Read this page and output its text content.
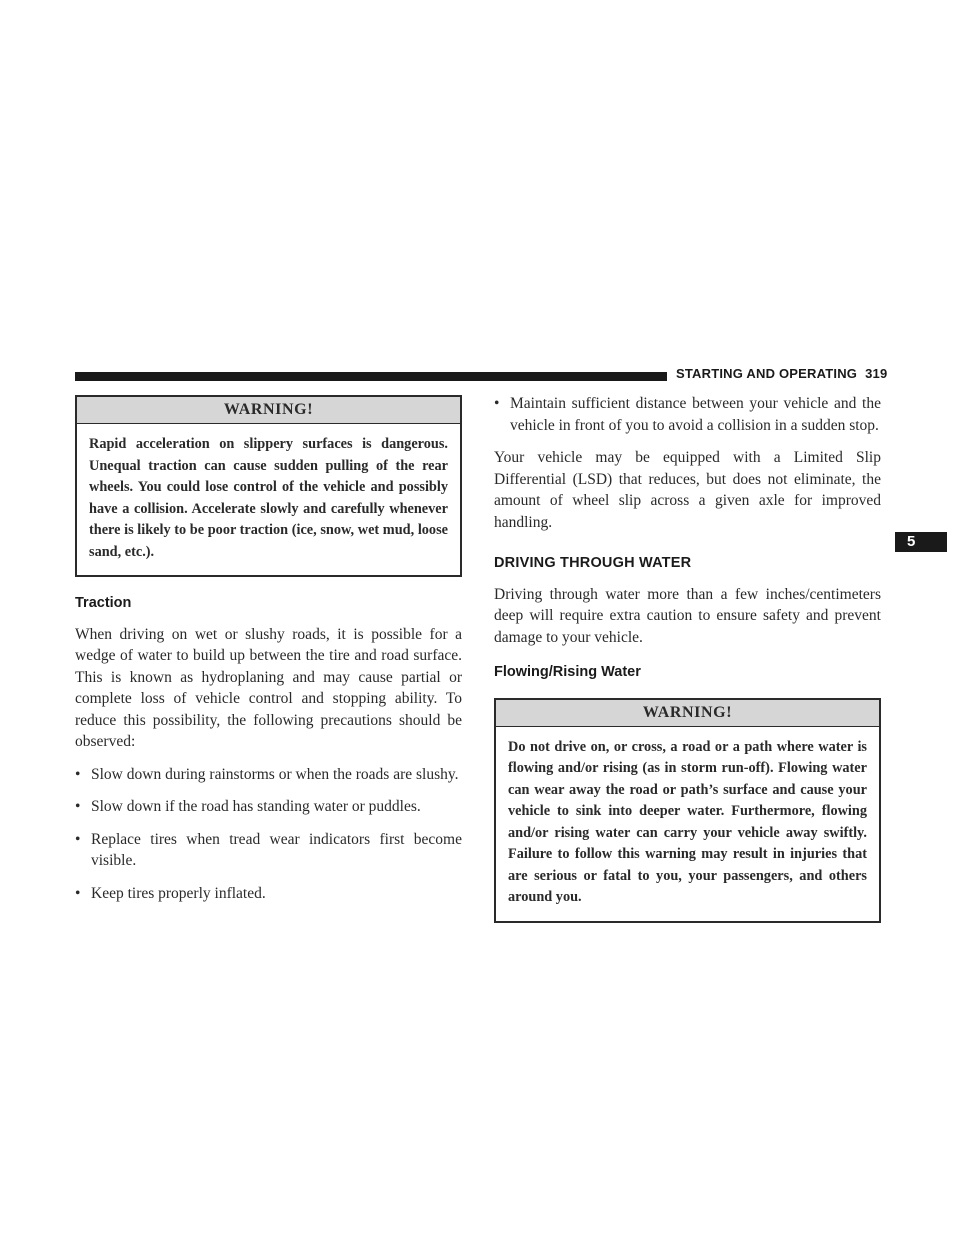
STARTING AND OPERATING 319
5
WARNING!
Rapid acceleration on slippery surfaces is dangerous. Unequal traction can cause sudden pulling of the rear wheels. You could lose control of the vehicle and possibly have a collision. Accelerate slowly and carefully whenever there is likely to be poor traction (ice, snow, wet mud, loose sand, etc.).
Traction

When driving on wet or slushy roads, it is possible for a wedge of water to build up between the tire and road surface. This is known as hydroplaning and may cause partial or complete loss of vehicle control and stopping ability. To reduce this possibility, the following precautions should be observed:

• Slow down during rainstorms or when the roads are slushy.
• Slow down if the road has standing water or puddles.
• Replace tires when tread wear indicators first become visible.
• Keep tires properly inflated.
• Maintain sufficient distance between your vehicle and the vehicle in front of you to avoid a collision in a sudden stop.

Your vehicle may be equipped with a Limited Slip Differential (LSD) that reduces, but does not eliminate, the amount of wheel slip across a given axle for improved handling.

DRIVING THROUGH WATER

Driving through water more than a few inches/centimeters deep will require extra caution to ensure safety and prevent damage to your vehicle.

Flowing/Rising Water
WARNING!
Do not drive on, or cross, a road or a path where water is flowing and/or rising (as in storm run-off). Flowing water can wear away the road or path’s surface and cause your vehicle to sink into deeper water. Furthermore, flowing and/or rising water can carry your vehicle away swiftly. Failure to follow this warning may result in injuries that are serious or fatal to you, your passengers, and others around you.
